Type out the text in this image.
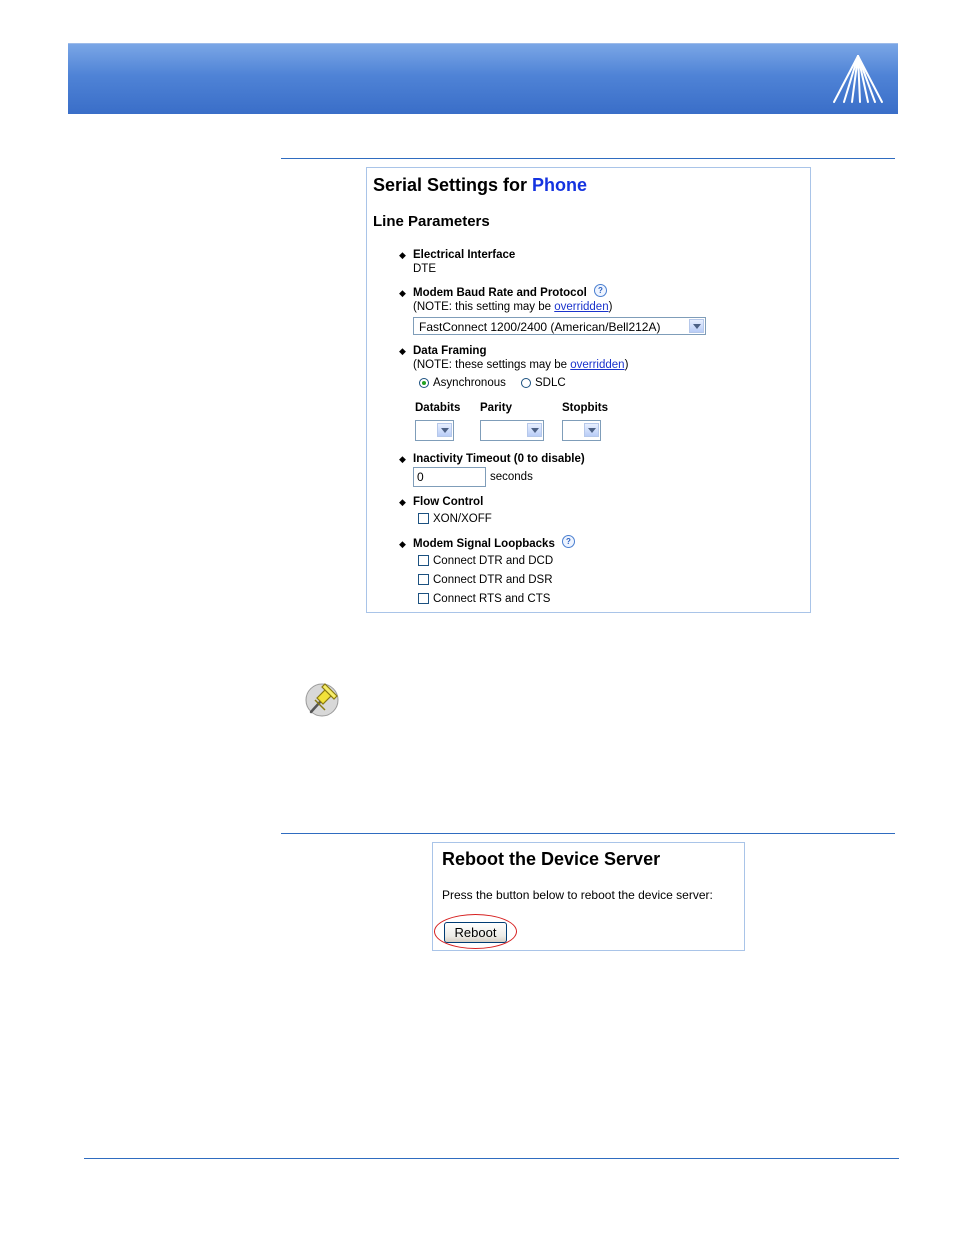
Serial Settings for Phone
Line Parameters
◆ Electrical Interface
DTE
◆ Modem Baud Rate and Protocol	?
(NOTE: this setting may be overridden)
FastConnect 1200/2400 (American/Bell212A)
◆ Data Framing
(NOTE: these settings may be overridden)
Asynchronous	SDLC
Databits Parity	Stopbits
◆ Inactivity Timeout (0 to disable)
0	seconds
◆ Flow Control
XON/XOFF
◆ Modem Signal Loopbacks	?
Connect DTR and DCD
Connect DTR and DSR
Connect RTS and CTS
Reboot the Device Server
Press the button below to reboot the device server:
Reboot
